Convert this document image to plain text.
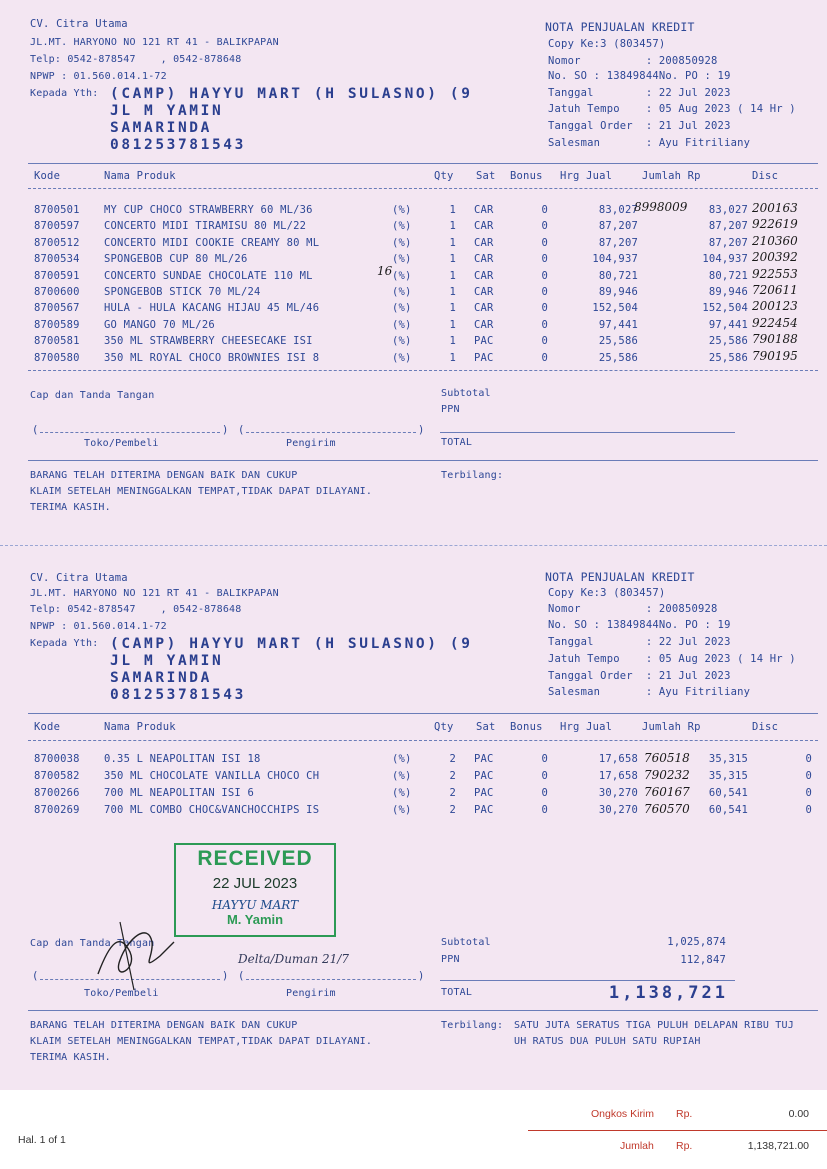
CV. Citra Utama
JL.MT. HARYONO NO 121 RT 41 - BALIKPAPAN
Telp: 0542-878547    , 0542-878648
NPWP : 01.560.014.1-72
Kepada Yth: (CAMP) HAYYU MART (H SULASNO) (9
JL M YAMIN
SAMARINDA
081253781543
NOTA PENJUALAN KREDIT
Copy Ke:3 (803457)
Nomor          : 200850928
No. SO : 13849844No. PO : 19
Tanggal        : 22 Jul 2023
Jatuh Tempo    : 05 Aug 2023 ( 14 Hr )
Tanggal Order  : 21 Jul 2023
Salesman       : Ayu Fitriliany
Kode	Nama Produk	Qty Sat Bonus Hrg Jual	Jumlah Rp	Disc
8700501 MY CUP CHOCO STRAWBERRY 60 ML/36	(%)	1 CAR	0	83,027	83,027 200163
8998009
8700597 CONCERTO MIDI TIRAMISU 80 ML/22	(%)	1 CAR	0	87,207	87,207 922619
8700512 CONCERTO MIDI COOKIE CREAMY 80 ML	(%)	1 CAR	0	87,207	87,207 210360
8700534 SPONGEBOB CUP 80 ML/26	(%)	1 CAR	0	104,937	104,937 200392
8700591 CONCERTO SUNDAE CHOCOLATE 110 ML	(%)	1 CAR	0	80,721	80,721 922553
8700600 SPONGEBOB STICK 70 ML/24	(%)	1 CAR	0	89,946	89,946 720611
8700567 HULA - HULA KACANG HIJAU 45 ML/46	(%)	1 CAR	0	152,504	152,504 200123
8700589 GO MANGO 70 ML/26	(%)	1 CAR	0	97,441	97,441 922454
8700581 350 ML STRAWBERRY CHEESECAKE ISI	(%)	1 PAC	0	25,586	25,586 790188
8700580 350 ML ROYAL CHOCO BROWNIES ISI 8	(%)	1 PAC	0	25,586	25,586 790195
Cap dan Tanda Tangan
(	) (	)
Toko/Pembeli	Pengirim
Subtotal
PPN
TOTAL
BARANG TELAH DITERIMA DENGAN BAIK DAN CUKUP
KLAIM SETELAH MENINGGALKAN TEMPAT,TIDAK DAPAT DILAYANI.
TERIMA KASIH.
Terbilang:
16
CV. Citra Utama
JL.MT. HARYONO NO 121 RT 41 - BALIKPAPAN
Telp: 0542-878547    , 0542-878648
NPWP : 01.560.014.1-72
Kepada Yth: (CAMP) HAYYU MART (H SULASNO) (9
JL M YAMIN
SAMARINDA
081253781543
NOTA PENJUALAN KREDIT
Copy Ke:3 (803457)
Nomor          : 200850928
No. SO : 13849844No. PO : 19
Tanggal        : 22 Jul 2023
Jatuh Tempo    : 05 Aug 2023 ( 14 Hr )
Tanggal Order  : 21 Jul 2023
Salesman       : Ayu Fitriliany
Kode	Nama Produk	Qty Sat Bonus Hrg Jual	Jumlah Rp	Disc
8700038 0.35 L NEAPOLITAN ISI 18	(%)	2 PAC	0	17,658	35,315	0
760518
8700582 350 ML CHOCOLATE VANILLA CHOCO CH	(%)	2 PAC	0	17,658	35,315	0
790232
8700266 700 ML NEAPOLITAN ISI 6	(%)	2 PAC	0	30,270	60,541	0
760167
8700269 700 ML COMBO CHOC&VANCHOCCHIPS IS	(%)	2 PAC	0	30,270	60,541	0
760570
RECEIVED
22 JUL 2023
HAYYU MART
M. Yamin
Cap dan Tanda Tangan
(	) (	)
Toko/Pembeli	Pengirim
Delta/Duman 21/7
Subtotal	1,025,874
PPN	112,847
TOTAL	1,138,721
BARANG TELAH DITERIMA DENGAN BAIK DAN CUKUP
KLAIM SETELAH MENINGGALKAN TEMPAT,TIDAK DAPAT DILAYANI.
TERIMA KASIH.
Terbilang: SATU JUTA SERATUS TIGA PULUH DELAPAN RIBU TUJ
UH RATUS DUA PULUH SATU RUPIAH
Hal. 1 of 1
Ongkos Kirim Rp.	0.00
Jumlah Rp.	1,138,721.00
